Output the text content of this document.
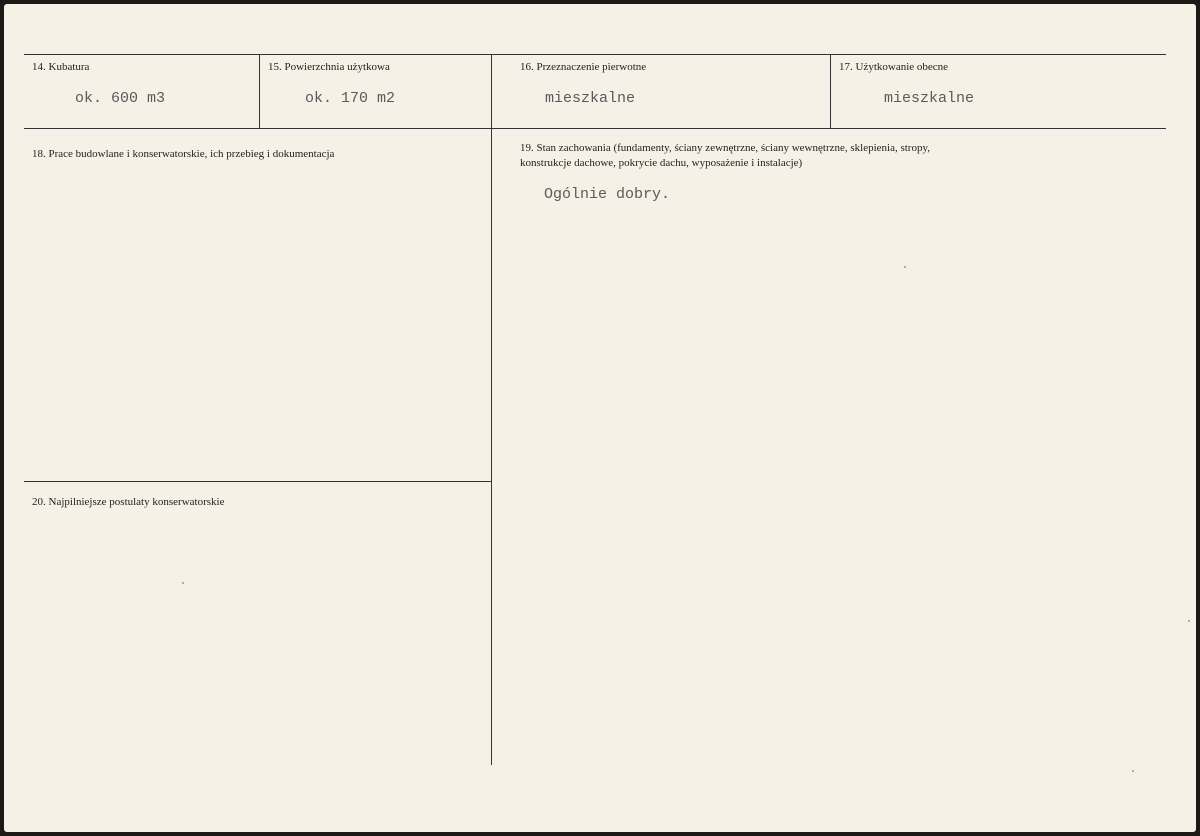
14. Kubatura
ok. 600 m3
15. Powierzchnia użytkowa
ok. 170 m2
16. Przeznaczenie pierwotne
mieszkalne
17. Użytkowanie obecne
mieszkalne
18. Prace budowlane i konserwatorskie, ich przebieg i dokumentacja	19. Stan zachowania (fundamenty, ściany zewnętrzne, ściany wewnętrzne, sklepienia, stropy,
konstrukcje dachowe, pokrycie dachu, wyposażenie i instalacje)
Ogólnie dobry.
20. Najpilniejsze postulaty konserwatorskie
